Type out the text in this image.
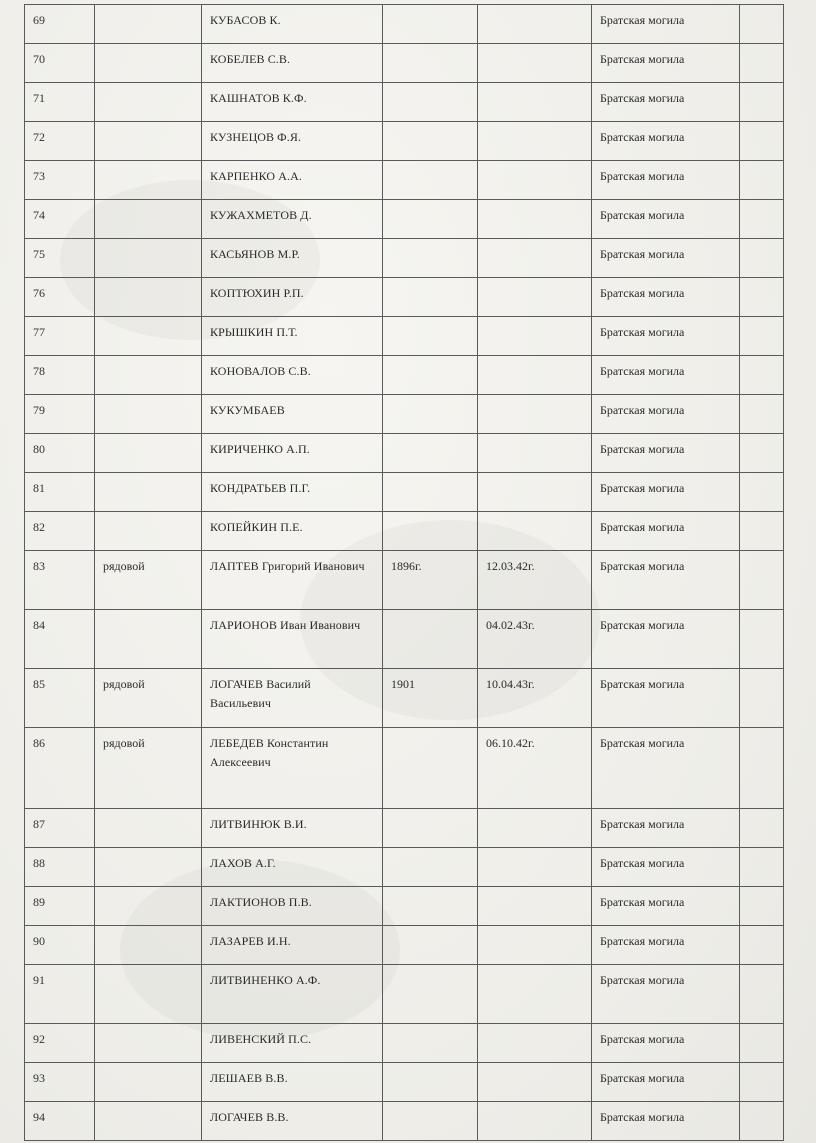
69		КУБАСОВ К.			Братская могила	
70		КОБЕЛЕВ С.В.			Братская могила	
71		КАШНАТОВ К.Ф.			Братская могила	
72		КУЗНЕЦОВ Ф.Я.			Братская могила	
73		КАРПЕНКО А.А.			Братская могила	
74		КУЖАХМЕТОВ Д.			Братская могила	
75		КАСЬЯНОВ М.Р.			Братская могила	
76		КОПТЮХИН Р.П.			Братская могила	
77		КРЫШКИН П.Т.			Братская могила	
78		КОНОВАЛОВ С.В.			Братская могила	
79		КУКУМБАЕВ			Братская могила	
80		КИРИЧЕНКО А.П.			Братская могила	
81		КОНДРАТЬЕВ П.Г.			Братская могила	
82		КОПЕЙКИН П.Е.			Братская могила	
83	рядовой	ЛАПТЕВ Григорий Иванович	1896г.	12.03.42г.	Братская могила	
84		ЛАРИОНОВ Иван Иванович		04.02.43г.	Братская могила	
85	рядовой	ЛОГАЧЕВ Василий Васильевич	1901	10.04.43г.	Братская могила	
86	рядовой	ЛЕБЕДЕВ Константин Алексеевич		06.10.42г.	Братская могила	
87		ЛИТВИНЮК В.И.			Братская могила	
88		ЛАХОВ А.Г.			Братская могила	
89		ЛАКТИОНОВ П.В.			Братская могила	
90		ЛАЗАРЕВ И.Н.			Братская могила	
91		ЛИТВИНЕНКО А.Ф.			Братская могила	
92		ЛИВЕНСКИЙ П.С.			Братская могила	
93		ЛЕШАЕВ В.В.			Братская могила	
94		ЛОГАЧЕВ В.В.			Братская могила	
